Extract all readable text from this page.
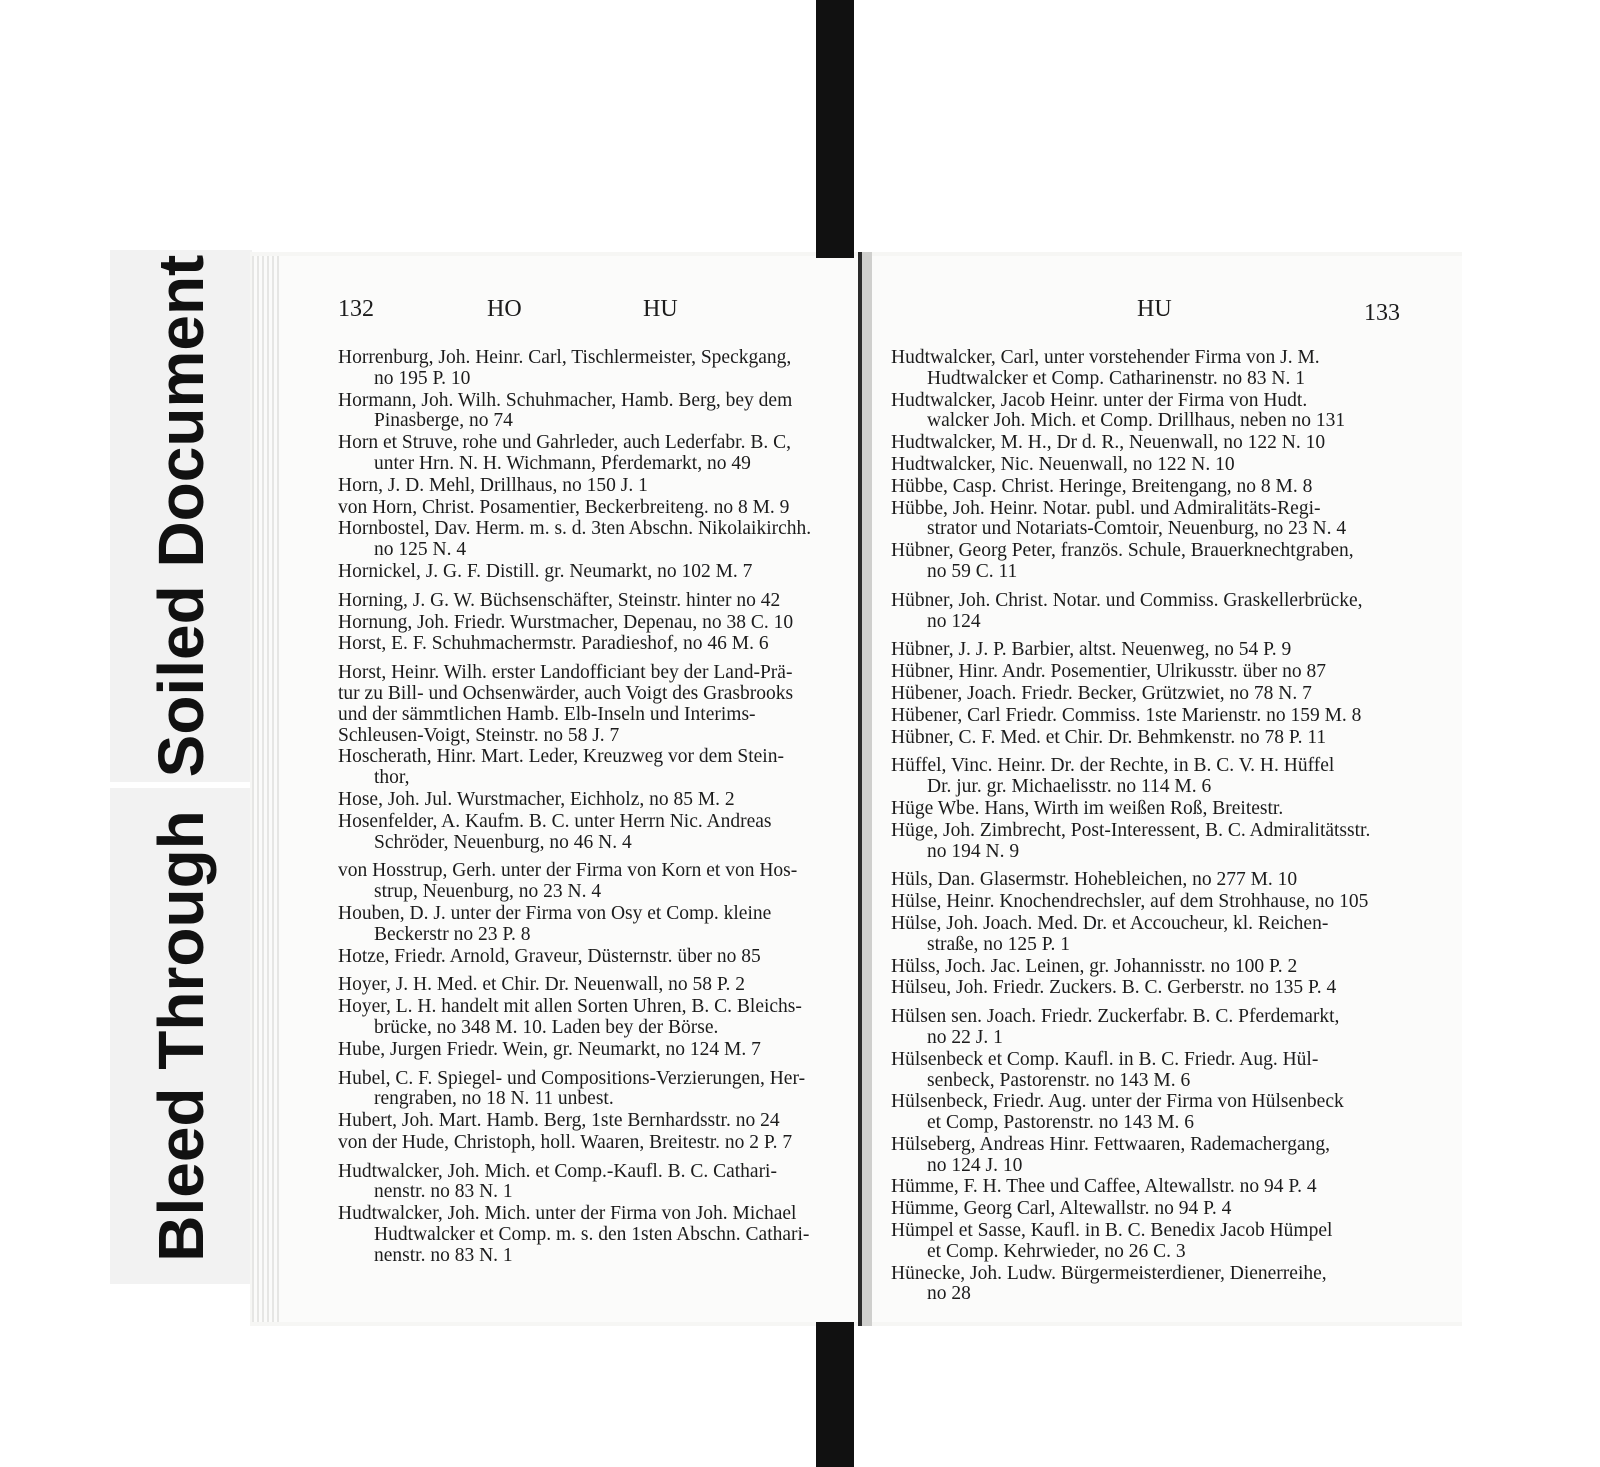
Soiled Document
Bleed Through
132	HO	HU	HU	133
Horrenburg, Joh. Heinr. Carl, Tischlermeister, Speckgang,
no 195 P. 10
Hormann, Joh. Wilh. Schuhmacher, Hamb. Berg, bey dem
Pinasberge, no 74
Horn et Struve, rohe und Gahrleder, auch Lederfabr. B. C,
unter Hrn. N. H. Wichmann, Pferdemarkt, no 49
Horn, J. D. Mehl, Drillhaus, no 150 J. 1
von Horn, Christ. Posamentier, Beckerbreiteng. no 8 M. 9
Hornbostel, Dav. Herm. m. s. d. 3ten Abschn. Nikolaikirchh.
no 125 N. 4
Hornickel, J. G. F. Distill. gr. Neumarkt, no 102 M. 7
Horning, J. G. W. Büchsenschäfter, Steinstr. hinter no 42
Hornung, Joh. Friedr. Wurstmacher, Depenau, no 38 C. 10
Horst, E. F. Schuhmachermstr. Paradieshof, no 46 M. 6
Horst, Heinr. Wilh. erster Landofficiant bey der Land-Prä-
tur zu Bill- und Ochsenwärder, auch Voigt des Grasbrooks
und der sämmtlichen Hamb. Elb-Inseln und Interims-
Schleusen-Voigt, Steinstr. no 58 J. 7
Hoscherath, Hinr. Mart. Leder, Kreuzweg vor dem Stein-
thor,
Hose, Joh. Jul. Wurstmacher, Eichholz, no 85 M. 2
Hosenfelder, A. Kaufm. B. C. unter Herrn Nic. Andreas
Schröder, Neuenburg, no 46 N. 4
von Hosstrup, Gerh. unter der Firma von Korn et von Hos-
strup, Neuenburg, no 23 N. 4
Houben, D. J. unter der Firma von Osy et Comp. kleine
Beckerstr no 23 P. 8
Hotze, Friedr. Arnold, Graveur, Düsternstr. über no 85
Hoyer, J. H. Med. et Chir. Dr. Neuenwall, no 58 P. 2
Hoyer, L. H. handelt mit allen Sorten Uhren, B. C. Bleichs-
brücke, no 348 M. 10. Laden bey der Börse.
Hube, Jurgen Friedr. Wein, gr. Neumarkt, no 124 M. 7
Hubel, C. F. Spiegel- und Compositions-Verzierungen, Her-
rengraben, no 18 N. 11 unbest.
Hubert, Joh. Mart. Hamb. Berg, 1ste Bernhardsstr. no 24
von der Hude, Christoph, holl. Waaren, Breitestr. no 2 P. 7
Hudtwalcker, Joh. Mich. et Comp.-Kaufl. B. C. Cathari-
nenstr. no 83 N. 1
Hudtwalcker, Joh. Mich. unter der Firma von Joh. Michael
Hudtwalcker et Comp. m. s. den 1sten Abschn. Cathari-
nenstr. no 83 N. 1
Hudtwalcker, Carl, unter vorstehender Firma von J. M.
Hudtwalcker et Comp. Catharinenstr. no 83 N. 1
Hudtwalcker, Jacob Heinr. unter der Firma von Hudt.
walcker Joh. Mich. et Comp. Drillhaus, neben no 131
Hudtwalcker, M. H., Dr d. R., Neuenwall, no 122 N. 10
Hudtwalcker, Nic. Neuenwall, no 122 N. 10
Hübbe, Casp. Christ. Heringe, Breitengang, no 8 M. 8
Hübbe, Joh. Heinr. Notar. publ. und Admiralitäts-Regi-
strator und Notariats-Comtoir, Neuenburg, no 23 N. 4
Hübner, Georg Peter, französ. Schule, Brauerknechtgraben,
no 59 C. 11
Hübner, Joh. Christ. Notar. und Commiss. Graskellerbrücke,
no 124
Hübner, J. J. P. Barbier, altst. Neuenweg, no 54 P. 9
Hübner, Hinr. Andr. Posementier, Ulrikusstr. über no 87
Hübener, Joach. Friedr. Becker, Grützwiet, no 78 N. 7
Hübener, Carl Friedr. Commiss. 1ste Marienstr. no 159 M. 8
Hübner, C. F. Med. et Chir. Dr. Behmkenstr. no 78 P. 11
Hüffel, Vinc. Heinr. Dr. der Rechte, in B. C. V. H. Hüffel
Dr. jur. gr. Michaelisstr. no 114 M. 6
Hüge Wbe. Hans, Wirth im weißen Roß, Breitestr.
Hüge, Joh. Zimbrecht, Post-Interessent, B. C. Admiralitätsstr.
no 194 N. 9
Hüls, Dan. Glasermstr. Hohebleichen, no 277 M. 10
Hülse, Heinr. Knochendrechsler, auf dem Strohhause, no 105
Hülse, Joh. Joach. Med. Dr. et Accoucheur, kl. Reichen-
straße, no 125 P. 1
Hülss, Joch. Jac. Leinen, gr. Johannisstr. no 100 P. 2
Hülseu, Joh. Friedr. Zuckers. B. C. Gerberstr. no 135 P. 4
Hülsen sen. Joach. Friedr. Zuckerfabr. B. C. Pferdemarkt,
no 22 J. 1
Hülsenbeck et Comp. Kaufl. in B. C. Friedr. Aug. Hül-
senbeck, Pastorenstr. no 143 M. 6
Hülsenbeck, Friedr. Aug. unter der Firma von Hülsenbeck
et Comp, Pastorenstr. no 143 M. 6
Hülseberg, Andreas Hinr. Fettwaaren, Rademachergang,
no 124 J. 10
Hümme, F. H. Thee und Caffee, Altewallstr. no 94 P. 4
Hümme, Georg Carl, Altewallstr. no 94 P. 4
Hümpel et Sasse, Kaufl. in B. C. Benedix Jacob Hümpel
et Comp. Kehrwieder, no 26 C. 3
Hünecke, Joh. Ludw. Bürgermeisterdiener, Dienerreihe,
no 28
